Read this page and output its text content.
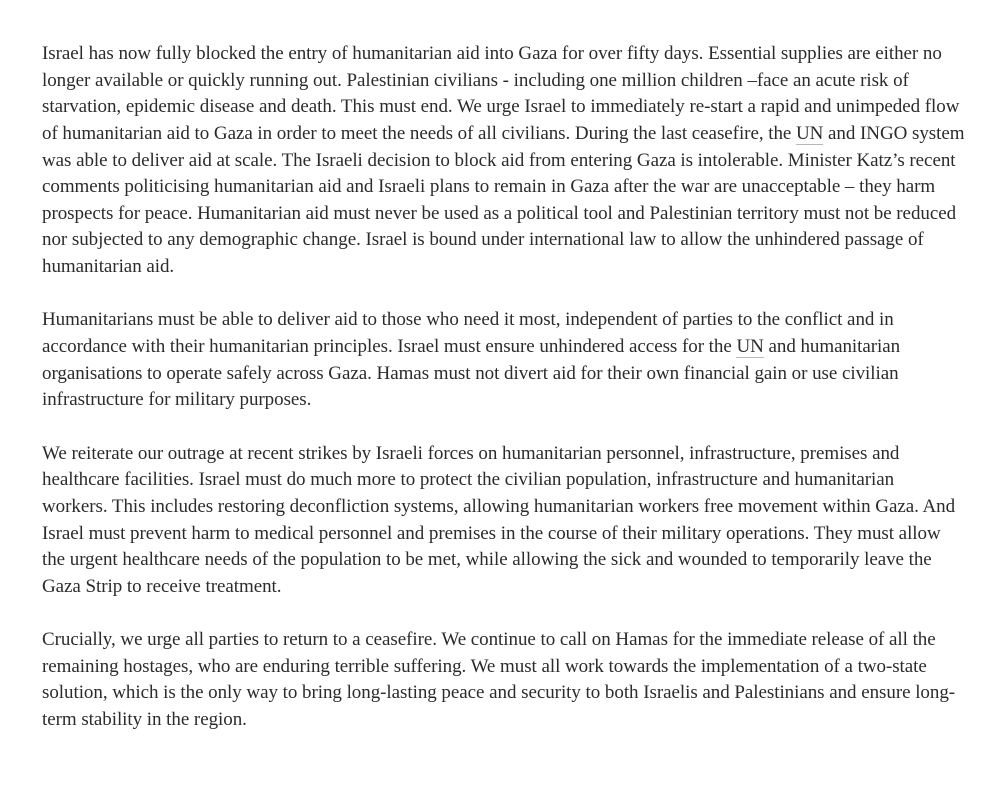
Israel has now fully blocked the entry of humanitarian aid into Gaza for over fifty days. Essential supplies are either no
longer available or quickly running out. Palestinian civilians - including one million children –face an acute risk of
starvation, epidemic disease and death. This must end. We urge Israel to immediately re-start a rapid and unimpeded flow
of humanitarian aid to Gaza in order to meet the needs of all civilians. During the last ceasefire, the UN and INGO system
was able to deliver aid at scale. The Israeli decision to block aid from entering Gaza is intolerable. Minister Katz’s recent
comments politicising humanitarian aid and Israeli plans to remain in Gaza after the war are unacceptable – they harm
prospects for peace. Humanitarian aid must never be used as a political tool and Palestinian territory must not be reduced
nor subjected to any demographic change. Israel is bound under international law to allow the unhindered passage of
humanitarian aid.

Humanitarians must be able to deliver aid to those who need it most, independent of parties to the conflict and in
accordance with their humanitarian principles. Israel must ensure unhindered access for the UN and humanitarian
organisations to operate safely across Gaza. Hamas must not divert aid for their own financial gain or use civilian
infrastructure for military purposes.

We reiterate our outrage at recent strikes by Israeli forces on humanitarian personnel, infrastructure, premises and
healthcare facilities. Israel must do much more to protect the civilian population, infrastructure and humanitarian
workers. This includes restoring deconfliction systems, allowing humanitarian workers free movement within Gaza. And
Israel must prevent harm to medical personnel and premises in the course of their military operations. They must allow
the urgent healthcare needs of the population to be met, while allowing the sick and wounded to temporarily leave the
Gaza Strip to receive treatment.

Crucially, we urge all parties to return to a ceasefire. We continue to call on Hamas for the immediate release of all the
remaining hostages, who are enduring terrible suffering. We must all work towards the implementation of a two-state
solution, which is the only way to bring long-lasting peace and security to both Israelis and Palestinians and ensure long-
term stability in the region.
